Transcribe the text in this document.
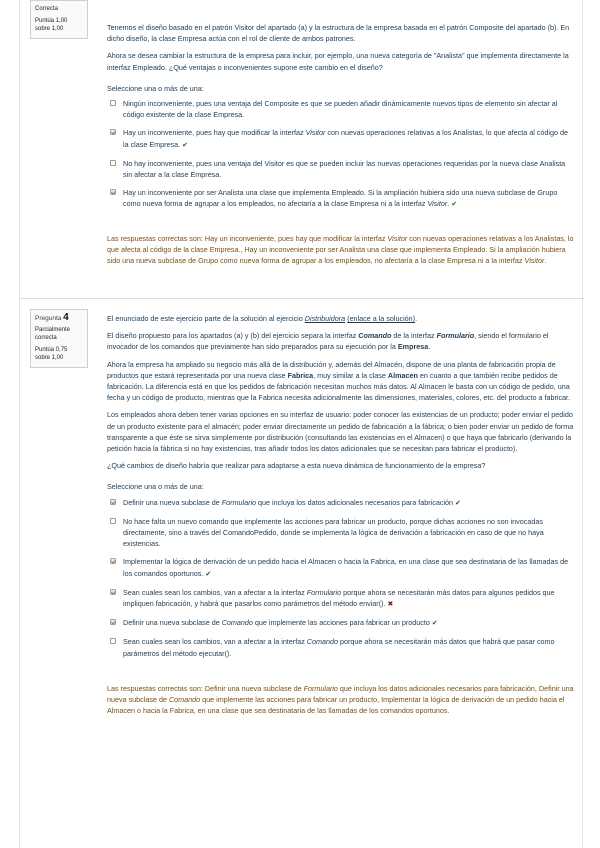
Correcta
Puntúa 1,00 sobre 1,00	Tenemos el diseño basado en el patrón Visitor del apartado (a) y la estructura de la empresa basada en el patrón Composite del apartado (b). En dicho diseño, la clase Empresa actúa con el rol de cliente de ambos patrones.

Ahora se desea cambiar la estructura de la empresa para incluir, por ejemplo, una nueva categoría de "Analista" que implementa directamente la interfaz Empleado. ¿Qué ventajas o inconvenientes supone este cambio en el diseño?

Seleccione una o más de una:
Ningún inconveniente, pues una ventaja del Composite es que se pueden añadir dinámicamente nuevos tipos de elemento sin afectar al código existente de la clase Empresa.
Hay un inconveniente, pues hay que modificar la interfaz Visitor con nuevas operaciones relativas a los Analistas, lo que afecta al código de la clase Empresa. ✔
No hay inconveniente, pues una ventaja del Visitor es que se pueden incluir las nuevas operaciones requeridas por la nueva clase Analista sin afectar a la clase Empresa.
Hay un inconveniente por ser Analista una clase que implementa Empleado. Si la ampliación hubiera sido una nueva subclase de Grupo como nueva forma de agrupar a los empleados, no afectaría a la clase Empresa ni a la interfaz Visitor. ✔
Las respuestas correctas son: Hay un inconveniente, pues hay que modificar la interfaz Visitor con nuevas operaciones relativas a los Analistas, lo que afecta al código de la clase Empresa., Hay un inconveniente por ser Analista una clase que implementa Empleado. Si la ampliación hubiera sido una nueva subclase de Grupo como nueva forma de agrupar a los empleados, no afectaría a la clase Empresa ni a la interfaz Visitor.
Pregunta 4
Parcialmente correcta
Puntúa 0,75 sobre 1,00

El enunciado de este ejercicio parte de la solución al ejercicio Distribuidora (enlace a la solución).

El diseño propuesto para los apartados (a) y (b) del ejercicio separa la interfaz Comando de la interfaz Formulario, siendo el formulario el invocador de los comandos que previamente han sido preparados para su ejecución por la Empresa.

Ahora la empresa ha ampliado su negocio más allá de la distribución y, además del Almacén, dispone de una planta de fabricación propia de productos que estará representada por una nueva clase Fabrica, muy similar a la clase Almacen en cuanto a que también recibe pedidos de fabricación. La diferencia está en que los pedidos de fabricación necesitan muchos más datos. Al Almacen le basta con un código de pedido, una fecha y un código de producto, mientras que la Fabrica necesita adicionalmente las dimensiones, materiales, colores, etc. del producto a fabricar.

Los empleados ahora deben tener varias opciones en su interfaz de usuario: poder conocer las existencias de un producto; poder enviar el pedido de un producto existente para el almacén; poder enviar directamente un pedido de fabricación a la fábrica; o bien poder enviar un pedido de forma transparente a que éste se sirva simplemente por distribución (consultando las existencias en el Almacen) o que haya que fabricarlo (derivando la petición hacia la fábrica si no hay existencias, tras añadir todos los datos adicionales que se necesitan para fabricar el producto).

¿Qué cambios de diseño habría que realizar para adaptarse a esta nueva dinámica de funcionamiento de la empresa?

Seleccione una o más de una:
Definir una nueva subclase de Formulario que incluya los datos adicionales necesarios para fabricación ✔
No hace falta un nuevo comando que implemente las acciones para fabricar un producto, porque dichas acciones no son invocadas directamente, sino a través del ComandoPedido, donde se implementa la lógica de derivación a fabricación en caso de que no haya existencias.
Implementar la lógica de derivación de un pedido hacia el Almacen o hacia la Fabrica, en una clase que sea destinataria de las llamadas de los comandos oportunos. ✔
Sean cuales sean los cambios, van a afectar a la interfaz Formulario porque ahora se necesitarán más datos para algunos pedidos que impliquen fabricación, y habrá que pasarlos como parámetros del método enviar(). ✖
Definir una nueva subclase de Comando que implemente las acciones para fabricar un producto ✔
Sean cuales sean los cambios, van a afectar a la interfaz Comando porque ahora se necesitarán más datos que habrá que pasar como parámetros del método ejecutar().
Las respuestas correctas son: Definir una nueva subclase de Formulario que incluya los datos adicionales necesarios para fabricación, Definir una nueva subclase de Comando que implemente las acciones para fabricar un producto, Implementar la lógica de derivación de un pedido hacia el Almacen o hacia la Fabrica, en una clase que sea destinataria de las llamadas de los comandos oportunos.
